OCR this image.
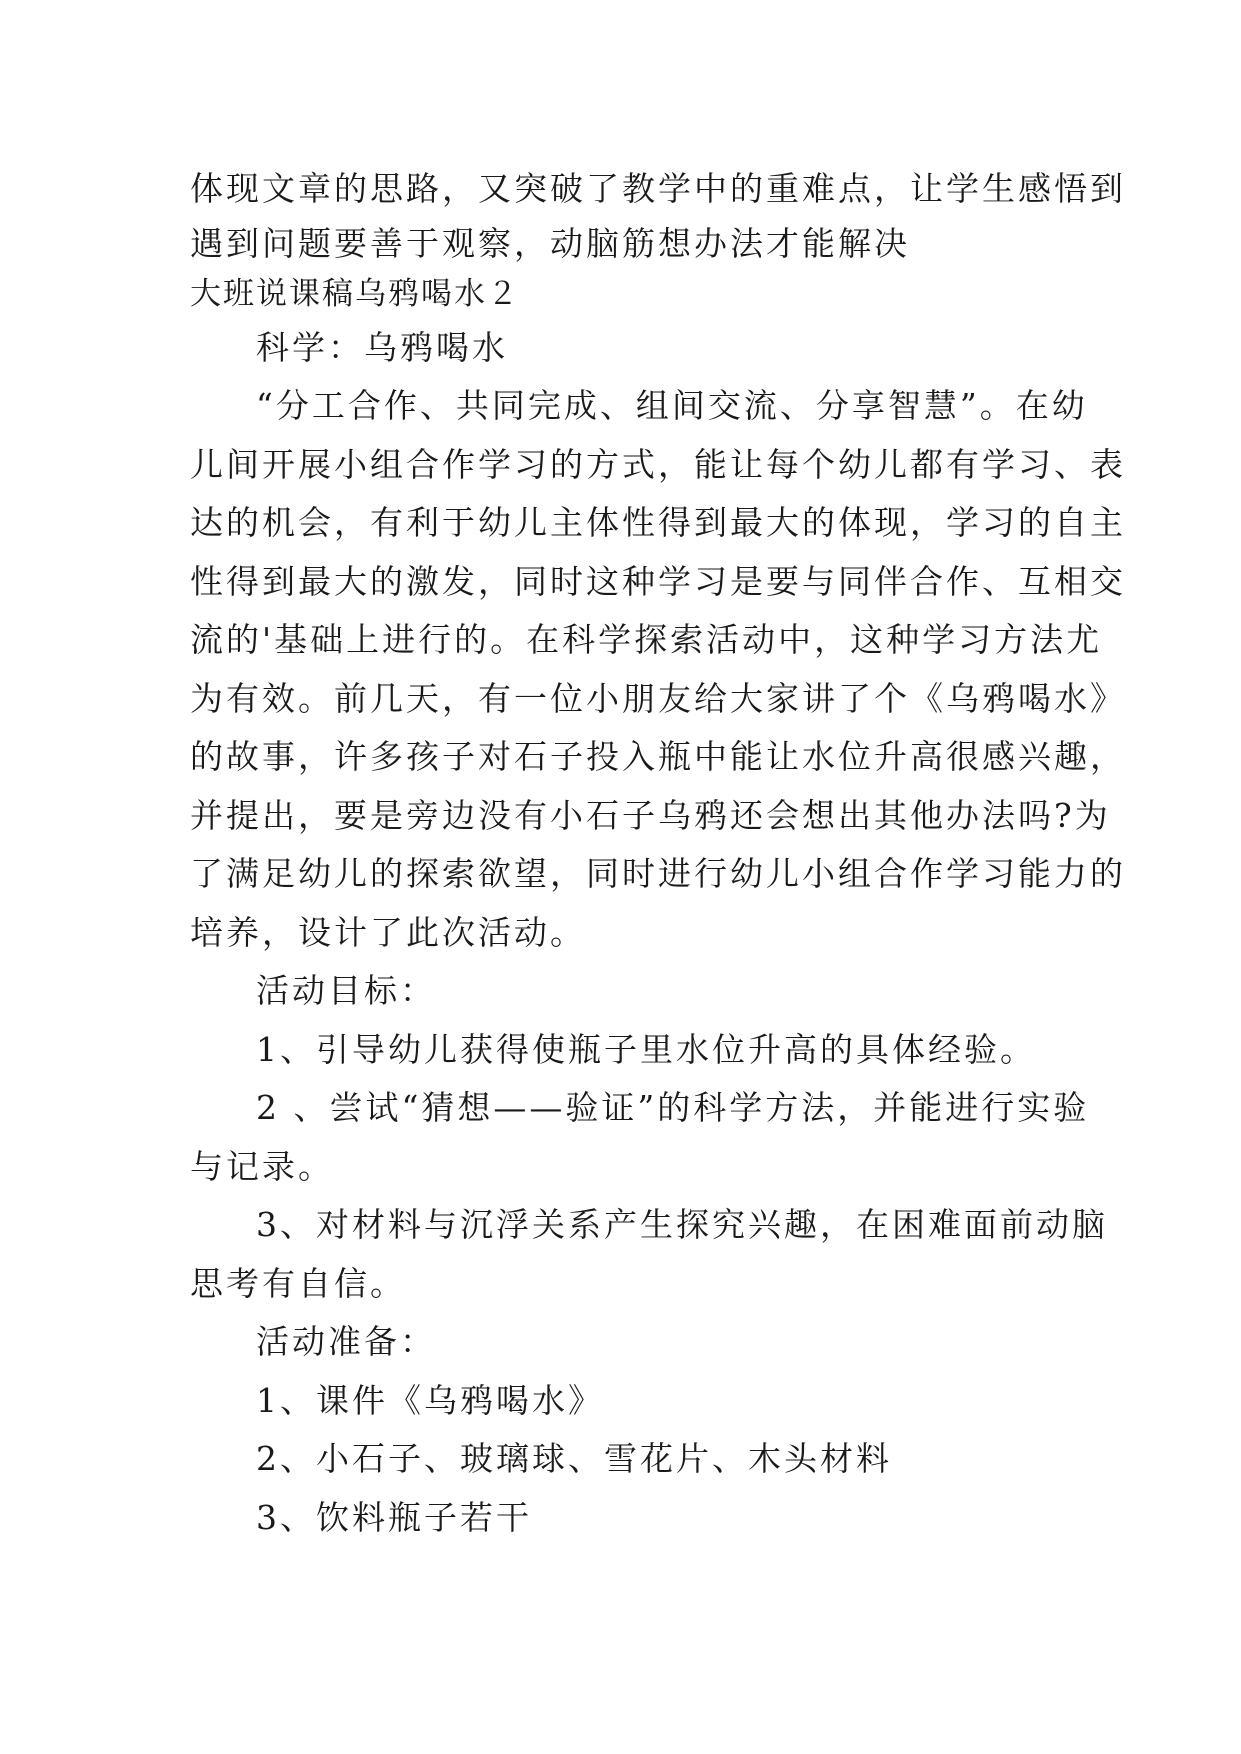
体现文章的思路，又突破了教学中的重难点，让学生感悟到
遇到问题要善于观察，动脑筋想办法才能解决
大班说课稿乌鸦喝水２
科学：乌鸦喝水
“分工合作、共同完成、组间交流、分享智慧”。在幼
儿间开展小组合作学习的方式，能让每个幼儿都有学习、表
达的机会，有利于幼儿主体性得到最大的体现，学习的自主
性得到最大的激发，同时这种学习是要与同伴合作、互相交
流的'基础上进行的。在科学探索活动中，这种学习方法尤
为有效。前几天，有一位小朋友给大家讲了个《乌鸦喝水》
的故事，许多孩子对石子投入瓶中能让水位升高很感兴趣，
并提出，要是旁边没有小石子乌鸦还会想出其他办法吗?为
了满足幼儿的探索欲望，同时进行幼儿小组合作学习能力的
培养，设计了此次活动。
活动目标：
1、引导幼儿获得使瓶子里水位升高的具体经验。
2 、尝试“猜想——验证”的科学方法，并能进行实验
与记录。
3、对材料与沉浮关系产生探究兴趣，在困难面前动脑
思考有自信。
活动准备：
1、课件《乌鸦喝水》
2、小石子、玻璃球、雪花片、木头材料
3、饮料瓶子若干
